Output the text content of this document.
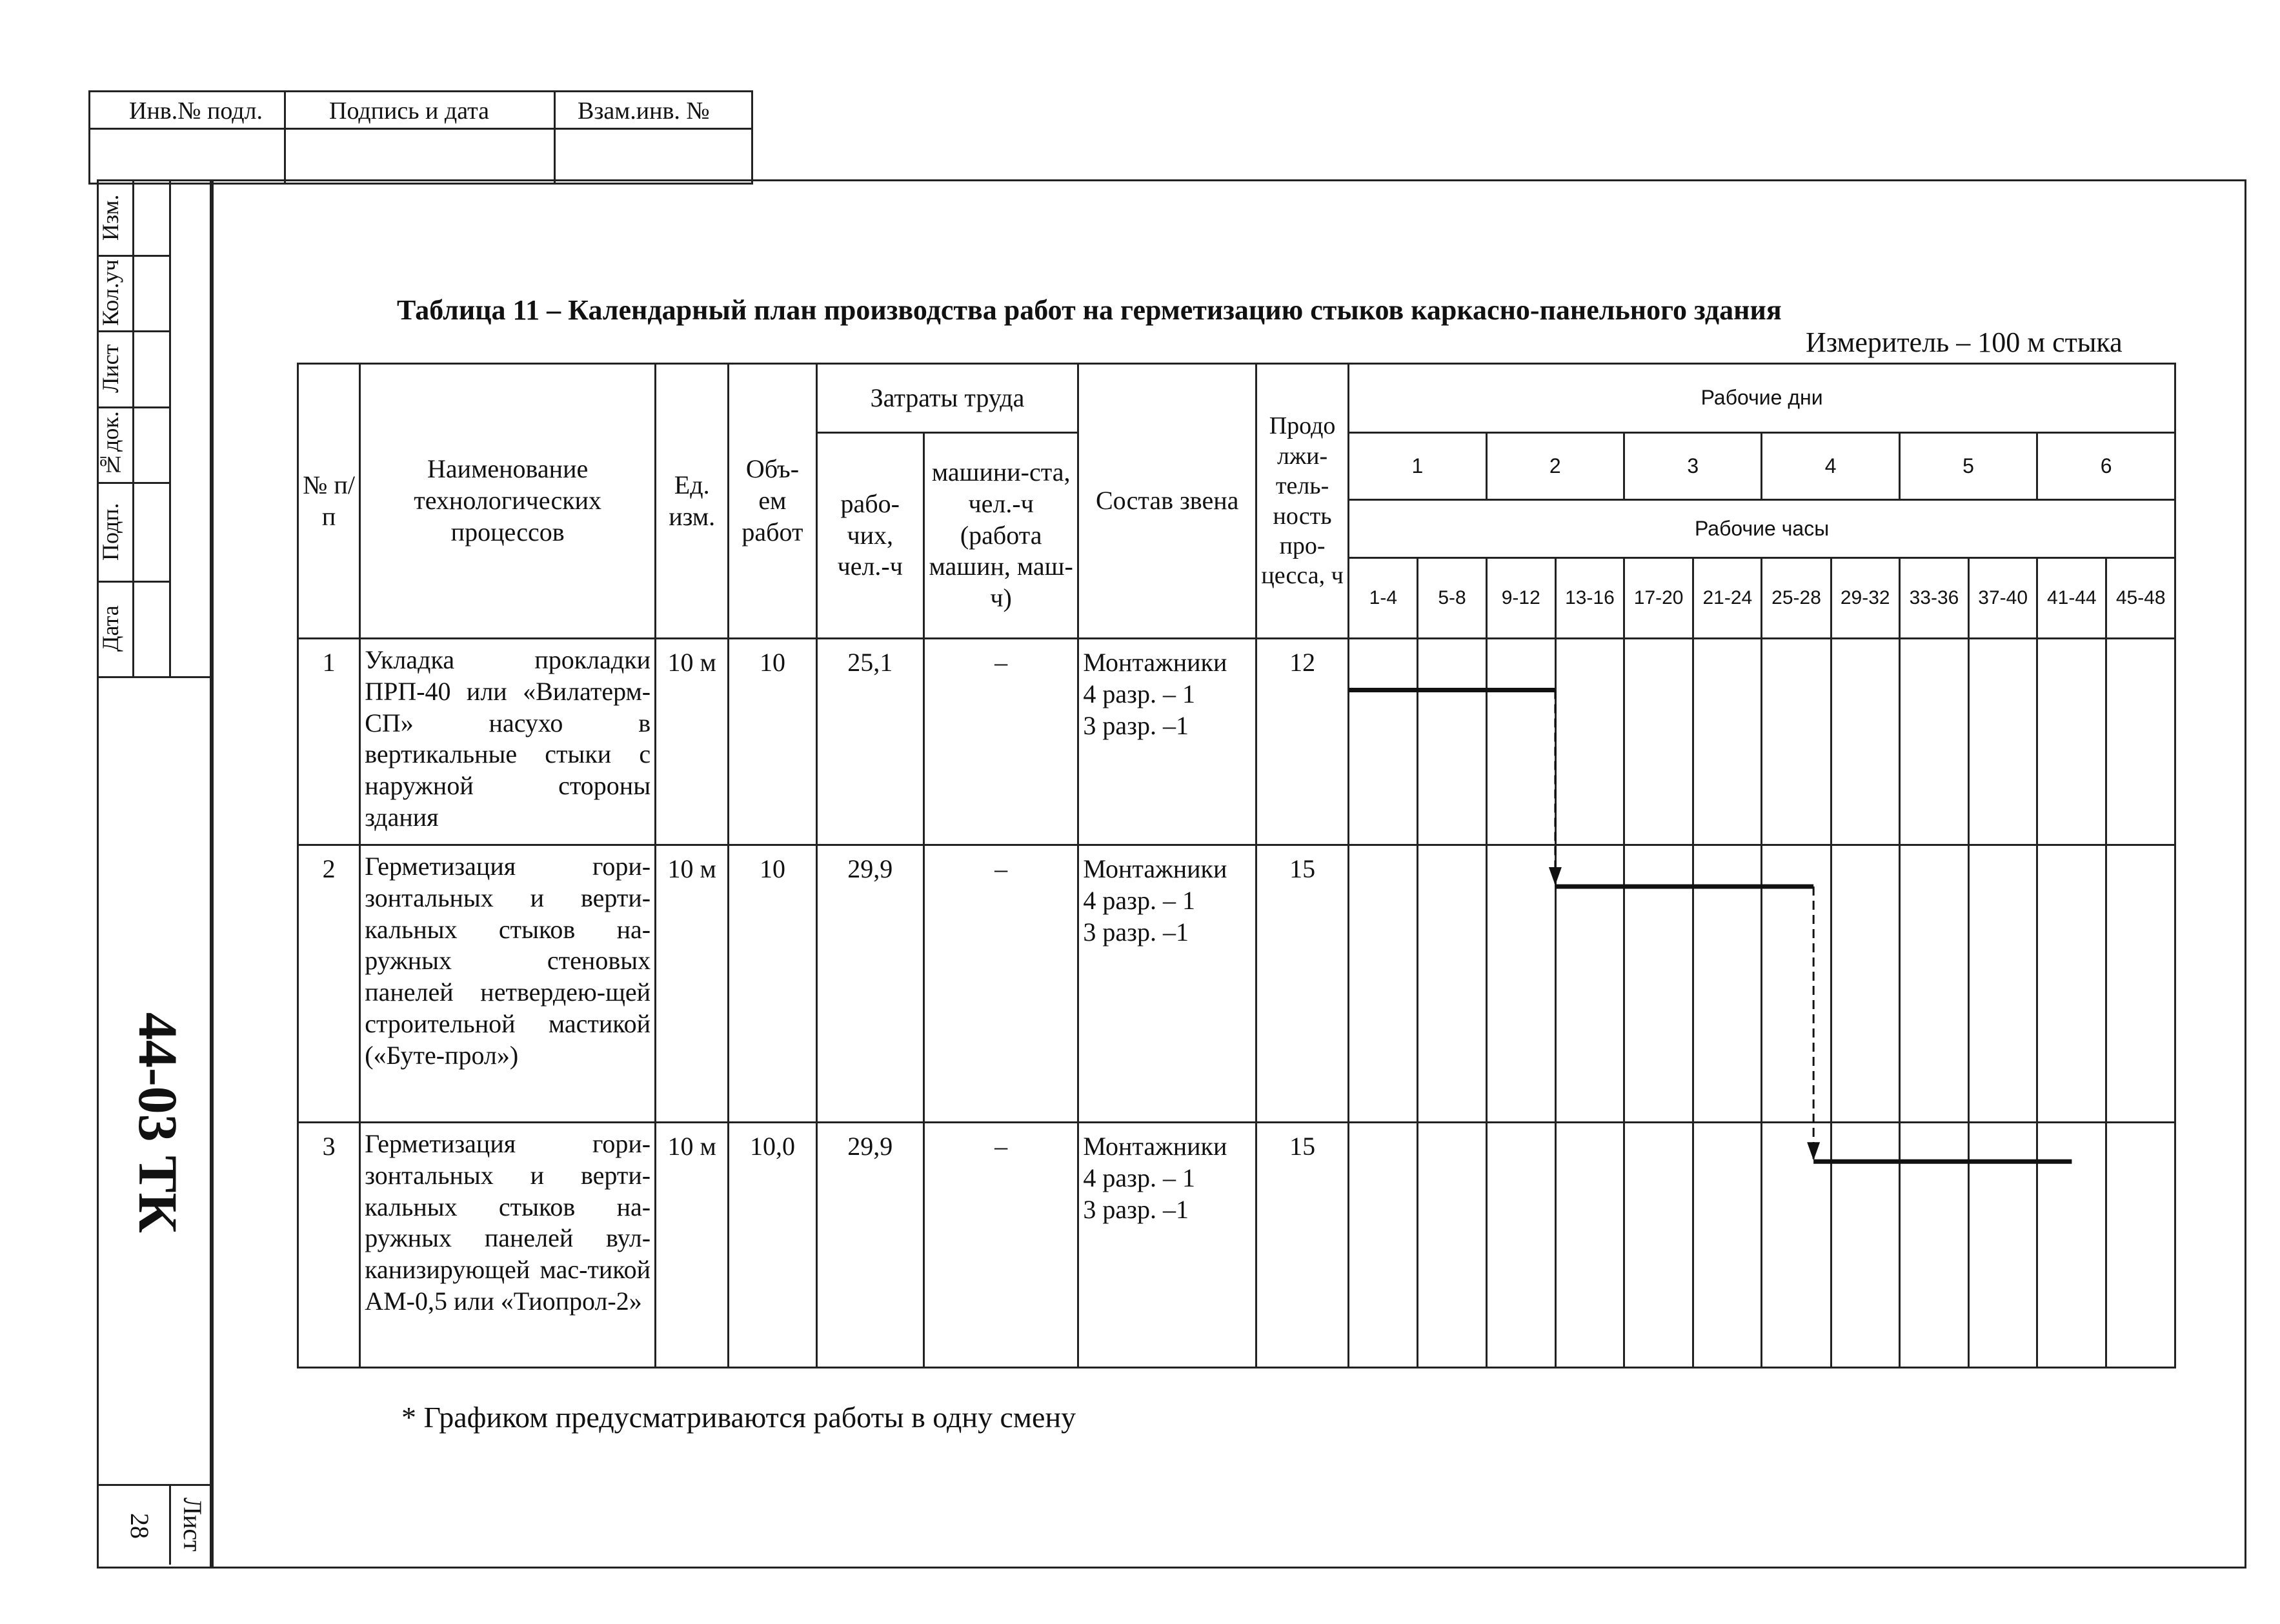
Инв.№ подл.	Подпись и дата	Взам.инв. №
Изм.
Кол.уч
Лист
№док.
Подп.
Дата
44-03 ТК
Лист
28
Таблица 11 – Календарный план производства работ на герметизацию стыков каркасно-панельного здания
Измеритель – 100 м стыка
№ п/п	Наименование технологических процессов	Ед. изм.	Объ-ем работ	Затраты труда		Состав звена	Продо лжи-тель-ность про-цесса, ч	Рабочие дни											
				рабо-чих, чел.-ч	машини-ста, чел.-ч (работа машин, маш-ч)			1		2		3		4		5		6	
								Рабочие часы											
								1-4	5-8	9-12	13-16	17-20	21-24	25-28	29-32	33-36	37-40	41-44	45-48
1	Укладка прокладки ПРП-40 или «Вилатерм-СП» насухо в вертикальные стыки с наружной стороны здания	10 м	10	25,1	–	Монтажники
4 разр. – 1
3 разр. –1	12												
2	Герметизация гори-зонтальных и верти-кальных стыков на-ружных стеновых панелей нетвердею-щей строительной мастикой («Буте-прол»)	10 м	10	29,9	–	Монтажники
4 разр. – 1
3 разр. –1	15												
3	Герметизация гори-зонтальных и верти-кальных стыков на-ружных панелей вул-канизирующей мас-тикой АМ-0,5 или «Тиопрол-2»	10 м	10,0	29,9	–	Монтажники
4 разр. – 1
3 разр. –1	15												
* Графиком предусматриваются работы в одну смену
